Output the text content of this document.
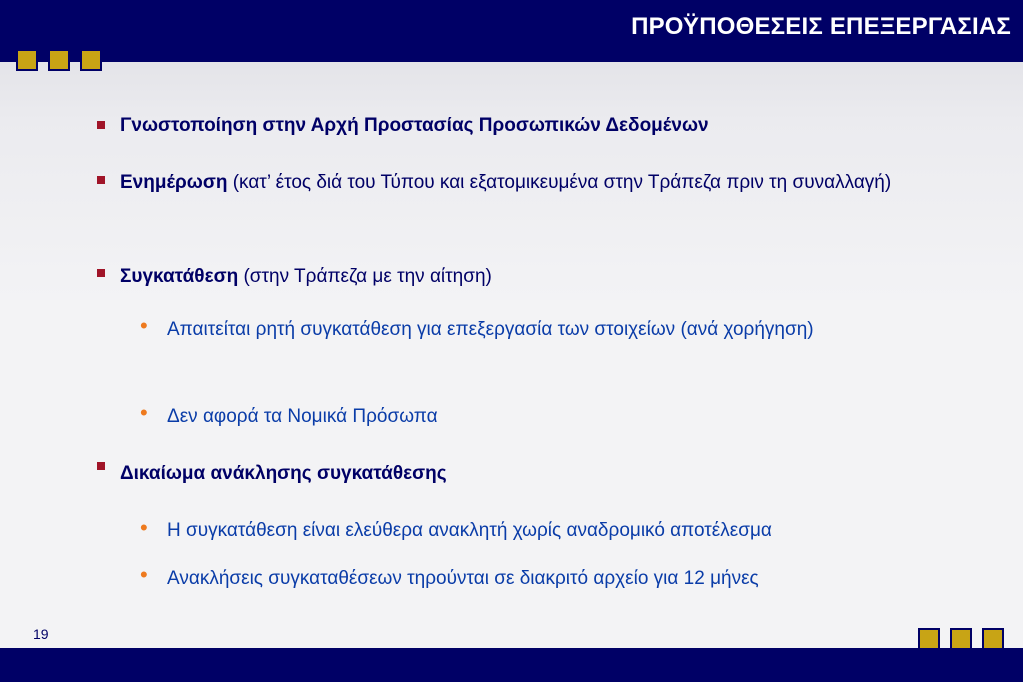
ΠΡΟΫΠΟΘΕΣΕΙΣ ΕΠΕΞΕΡΓΑΣΙΑΣ
Γνωστοποίηση στην Αρχή Προστασίας Προσωπικών Δεδομένων
Ενημέρωση (κατ’ έτος διά του Τύπου και εξατομικευμένα στην Τράπεζα πριν τη συναλλαγή)
Συγκατάθεση (στην Τράπεζα με την αίτηση)
• Απαιτείται ρητή συγκατάθεση για επεξεργασία των στοιχείων (ανά χορήγηση)
• Δεν αφορά τα Νομικά Πρόσωπα
Δικαίωμα ανάκλησης συγκατάθεσης
• Η συγκατάθεση είναι ελεύθερα ανακλητή χωρίς αναδρομικό αποτέλεσμα
• Ανακλήσεις συγκαταθέσεων τηρούνται σε διακριτό αρχείο για 12 μήνες
19
